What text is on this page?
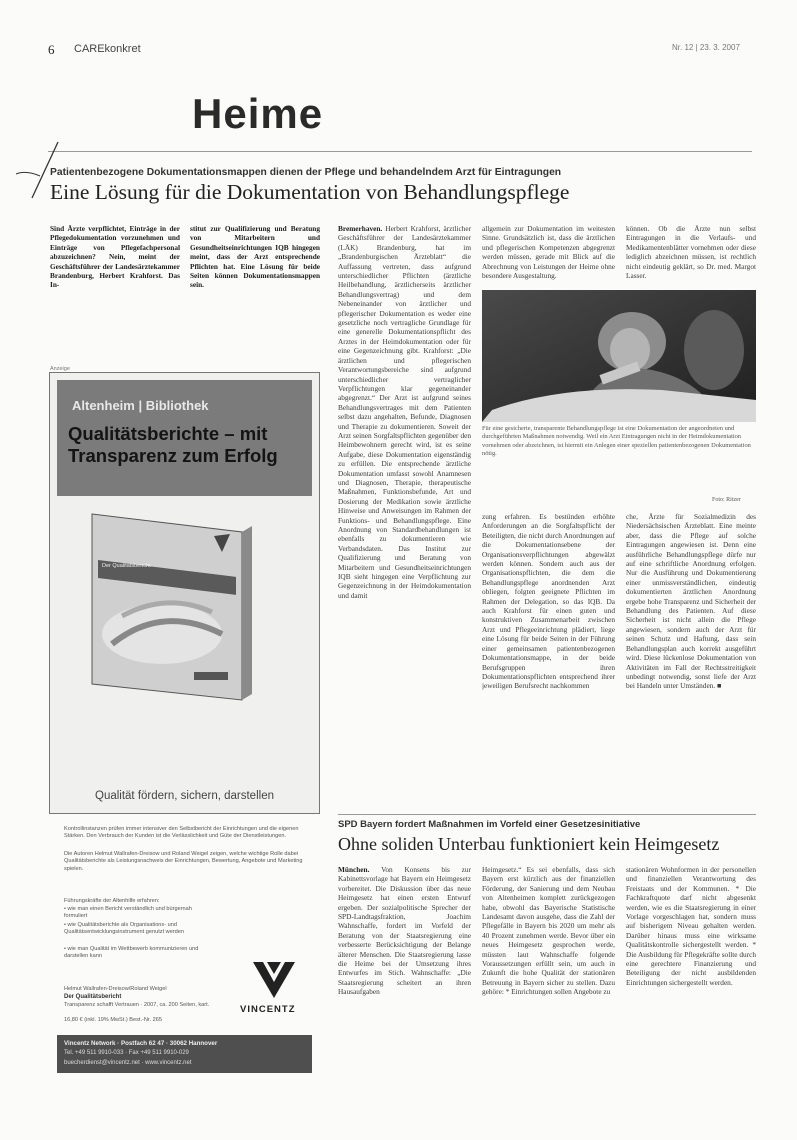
6 CAREkonkret	Nr. 12 | 23. 3. 2007
Heime
Patientenbezogene Dokumentationsmappen dienen der Pflege und behandelndem Arzt für Eintragungen
Eine Lösung für die Dokumentation von Behandlungspflege
Sind Ärzte verpflichtet, Einträge in der Pflegedokumentation vorzunehmen und Einträge von Pflegefachpersonal abzuzeichnen? Nein, meint der Geschäftsführer der Landesärztekammer Brandenburg, Herbert Krahforst. Das In-
stitut zur Qualifizierung und Beratung von Mitarbeitern und Gesundheitseinrichtungen IQB hingegen meint, dass der Arzt entsprechende Pflichten hat. Eine Lösung für beide Seiten können Dokumentationsmappen sein.
Bremerhaven. Herbert Krahforst, ärztlicher Geschäftsführer der Landesärztekammer (LÄK) Brandenburg, hat im „Brandenburgischen Ärzteblatt“ die Auffassung vertreten, dass aufgrund unterschiedlicher Pflichten (ärztliche Heilbehandlung, ärztlicherseits ärztlicher Behandlungsvertrag) und dem Nebeneinander von ärztlicher und pflegerischer Dokumentation es weder eine gesetzliche noch vertragliche Grundlage für eine generelle Dokumentationspflicht des Arztes in der Heimdokumentation oder für eine Gegenzeichnung gibt. Krahforst: „Die ärztlichen und pflegerischen Verantwortungsbereiche sind aufgrund unterschiedlicher vertraglicher Verpflichtungen klar gegeneinander abgegrenzt.“ Der Arzt ist aufgrund seines Behandlungsvertrages mit dem Patienten selbst dazu angehalten, Befunde, Diagnosen und Therapie zu dokumentieren. Soweit der Arzt seinen Sorgfaltspflichten gegenüber den Heimbewohnern gerecht wird, ist es seine Aufgabe, diese Dokumentation eigenständig zu erfüllen. Die entsprechende ärztliche Dokumentation umfasst sowohl Anamnesen und Diagnosen, Therapie, therapeutische Maßnahmen, Funktionsbefunde, Art und Dosierung der Medikation sowie ärztliche Hinweise und Anweisungen im Rahmen der Funktions- und Behandlungspflege. Eine Anordnung von Standardbehandlungen ist ebenfalls zu dokumentieren wie Verbandsdaten. Das Institut zur Qualifizierung und Beratung von Mitarbeitern und Gesundheitseinrichtungen IQB sieht hingegen eine Verpflichtung zur Gegenzeichnung in der Heimdokumentation und damit
allgemein zur Dokumentation im weitesten Sinne. Grundsätzlich ist, dass die ärztlichen und pflegerischen Kompetenzen abgegrenzt werden müssen, gerade mit Blick auf die Abrechnung von Leistungen der Heime ohne besondere Ausgestaltung.
können. Ob die Ärzte nun selbst Eintragungen in die Verlaufs- und Medikamentenblätter vornehmen oder diese lediglich abzeichnen müssen, ist rechtlich nicht eindeutig geklärt, so Dr. med. Margot Lasser.
Für eine gesicherte, transparente Behandlungspflege ist eine Dokumentation der angeordneten und durchgeführten Maßnahmen notwendig. Weil ein Arzt Eintragungen nicht in der Heimdokumentation vornehmen oder abzeichnen, ist hiermit ein Anlegen einer speziellen patientenbezogenen Dokumentation nötig.
Foto: Ritzer
zung erfahren. Es bestünden erhöhte Anforderungen an die Sorgfaltspflicht der Beteiligten, die nicht durch Anordnungen auf die Dokumentationsebene der Organisationsverpflichtungen abgewälzt werden können. Sondern auch aus der Organisationspflichten, die dem die Behandlungspflege anordnenden Arzt obliegen, folgten geeignete Pflichten im Rahmen der Delegation, so das IQB. Da auch Krahforst für einen guten und konstruktiven Zusammenarbeit zwischen Arzt und Pflegeeinrichtung plädiert, liege eine Lösung für beide Seiten in der Führung einer gemeinsamen patientenbezogenen Dokumentationsmappe, in der beide Berufsgruppen ihren Dokumentationspflichten entsprechend ihrer jeweiligen Berufsrecht nachkommen
che, Ärzte für Sozialmedizin des Niedersächsischen Ärzteblatt. Eine meinte aber, dass die Pflege auf solche Eintragungen angewiesen ist. Denn eine ausführliche Behandlungspflege dürfe nur auf eine schriftliche Anordnung erfolgen. Nur die Ausführung und Dokumentierung einer unmissverständlichen, eindeutig dokumentierten ärztlichen Anordnung ergebe hohe Transparenz und Sicherheit der Behandlung des Patienten. Auf diese Sicherheit ist nicht allein die Pflege angewiesen, sondern auch der Arzt für seinen Schutz und Haftung, dass sein Behandlungsplan auch korrekt ausgeführt wird. Diese lückenlose Dokumentation von Aktivitäten im Fall der Rechtsstreitigkeit unbedingt notwendig, sonst liefe der Arzt bei Handeln unter Umständen. ■
Anzeige
Altenheim | Bibliothek
Qualitätsberichte – mit
Transparenz zum Erfolg
Der Qualitätsbericht
Qualität fördern, sichern, darstellen
Kontrollinstanzen prüfen immer intensiver den Selbstbericht der Einrichtungen und die eigenen Stärken. Den Verbrauch der Kunden ist die Verlässlichkeit und Güte der Dienstleistungen.
Die Autoren Helmut Wallrafen-Dreisow und Roland Weigel zeigen, welche wichtige Rolle dabei Qualitätsberichte als Leistungsnachweis der Einrichtungen, Bewertung, Angebote und Marketing spielen.
Führungskräfte der Altenhilfe erfahren:
• wie man einen Bericht verständlich und bürgernah formuliert
• wie Qualitätsberichte als Organisations- und Qualitätsentwicklungsinstrument genutzt werden
• wie man Qualität im Wettbewerb kommunizieren und darstellen kann
Helmut Wallrafen-Dreisow/Roland Weigel
Der Qualitätsbericht
Transparenz schafft Vertrauen · 2007, ca. 200 Seiten, kart.
16,80 € (inkl. 19% MwSt.) Best.-Nr. 265
VINCENTZ
Vincentz Network · Postfach 62 47 · 30062 Hannover
Tel. +49 511 9910-033 · Fax +49 511 9910-029
buecherdienst@vincentz.net · www.vincentz.net
SPD Bayern fordert Maßnahmen im Vorfeld einer Gesetzesinitiative
Ohne soliden Unterbau funktioniert kein Heimgesetz
München. Von Konsens bis zur Kabinettsvorlage hat Bayern ein Heimgesetz vorbereitet. Die Diskussion über das neue Heimgesetz hat einen ersten Entwurf ergeben. Der sozialpolitische Sprecher der SPD-Landtagsfraktion, Joachim Wahnschaffe, fordert im Vorfeld der Beratung von der Staatsregierung eine verbesserte Berücksichtigung der Belange älterer Menschen. Die Staatsregierung lasse die Heime bei der Umsetzung ihres Entwurfes im Stich. Wahnschaffe: „Die Staatsregierung scheitert an ihren Hausaufgaben
Heimgesetz.“ Es sei ebenfalls, dass sich Bayern erst kürzlich aus der finanziellen Förderung, der Sanierung und dem Neubau von Altenheimen komplett zurückgezogen habe, obwohl das Bayerische Statistische Landesamt davon ausgehe, dass die Zahl der Pflegefälle in Bayern bis 2020 um mehr als 40 Prozent zunehmen werde. Bevor über ein neues Heimgesetz gesprochen werde, müssten laut Wahnschaffe folgende Voraussetzungen erfüllt sein, um auch in Zukunft die hohe Qualität der stationären Betreuung in Bayern sicher zu stellen. Dazu gehöre: * Einrichtungen sollen Angebote zu
stationären Wohnformen in der personellen und finanziellen Verantwortung des Freistaats und der Kommunen. * Die Fachkraftquote darf nicht abgesenkt werden, wie es die Staatsregierung in einer Vorlage vorgeschlagen hat, sondern muss auf bisherigem Niveau gehalten werden. Darüber hinaus muss eine wirksame Qualitätskontrolle sichergestellt werden. * Die Ausbildung für Pflegekräfte sollte durch eine gerechtere Finanzierung und Beteiligung der nicht ausbildenden Einrichtungen sichergestellt werden.
